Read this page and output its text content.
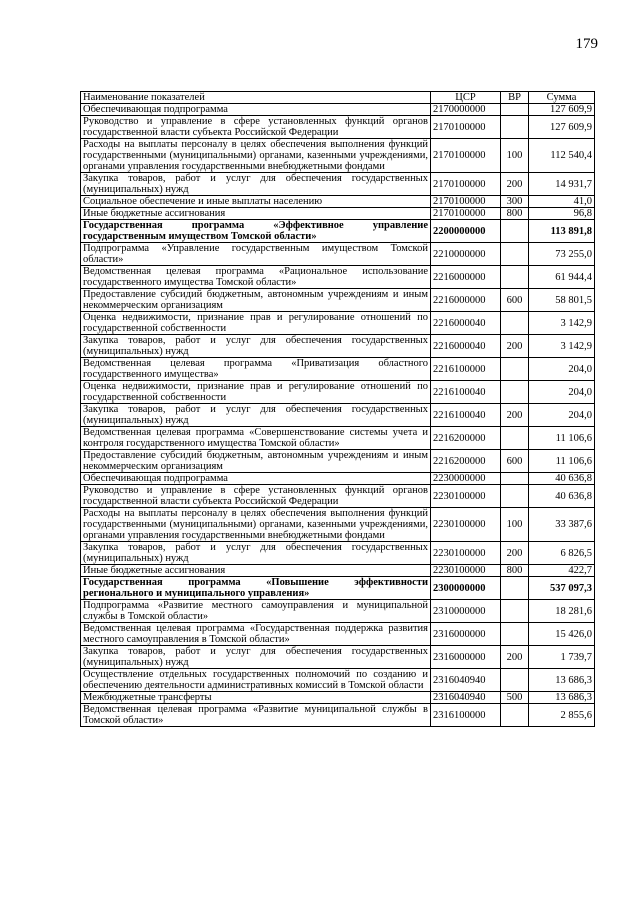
179
Наименование показателей	ЦСР	ВР	Сумма
Обеспечивающая подпрограмма	2170000000		127 609,9
Руководство и управление в сфере установленных функций органов государственной власти субъекта Российской Федерации	2170100000		127 609,9
Расходы на выплаты персоналу в целях обеспечения выполнения функций государственными (муниципальными) органами, казенными учреждениями, органами управления государственными внебюджетными фондами	2170100000	100	112 540,4
Закупка товаров, работ и услуг для обеспечения государственных (муниципальных) нужд	2170100000	200	14 931,7
Социальное обеспечение и иные выплаты населению	2170100000	300	41,0
Иные бюджетные ассигнования	2170100000	800	96,8
Государственная программа «Эффективное управление государственным имуществом Томской области»	2200000000		113 891,8
Подпрограмма «Управление государственным имуществом Томской области»	2210000000		73 255,0
Ведомственная целевая программа «Рациональное использование государственного имущества Томской области»	2216000000		61 944,4
Предоставление субсидий бюджетным, автономным учреждениям и иным некоммерческим организациям	2216000000	600	58 801,5
Оценка недвижимости, признание прав и регулирование отношений по государственной собственности	2216000040		3 142,9
Закупка товаров, работ и услуг для обеспечения государственных (муниципальных) нужд	2216000040	200	3 142,9
Ведомственная целевая программа «Приватизация областного государственного имущества»	2216100000		204,0
Оценка недвижимости, признание прав и регулирование отношений по государственной собственности	2216100040		204,0
Закупка товаров, работ и услуг для обеспечения государственных (муниципальных) нужд	2216100040	200	204,0
Ведомственная целевая программа «Совершенствование системы учета и контроля государственного имущества Томской области»	2216200000		11 106,6
Предоставление субсидий бюджетным, автономным учреждениям и иным некоммерческим организациям	2216200000	600	11 106,6
Обеспечивающая подпрограмма	2230000000		40 636,8
Руководство и управление в сфере установленных функций органов государственной власти субъекта Российской Федерации	2230100000		40 636,8
Расходы на выплаты персоналу в целях обеспечения выполнения функций государственными (муниципальными) органами, казенными учреждениями, органами управления государственными внебюджетными фондами	2230100000	100	33 387,6
Закупка товаров, работ и услуг для обеспечения государственных (муниципальных) нужд	2230100000	200	6 826,5
Иные бюджетные ассигнования	2230100000	800	422,7
Государственная программа «Повышение эффективности регионального и муниципального управления»	2300000000		537 097,3
Подпрограмма «Развитие местного самоуправления и муниципальной службы в Томской области»	2310000000		18 281,6
Ведомственная целевая программа «Государственная поддержка развития местного самоуправления в Томской области»	2316000000		15 426,0
Закупка товаров, работ и услуг для обеспечения государственных (муниципальных) нужд	2316000000	200	1 739,7
Осуществление отдельных государственных полномочий по созданию и обеспечению деятельности административных комиссий в Томской области	2316040940		13 686,3
Межбюджетные трансферты	2316040940	500	13 686,3
Ведомственная целевая программа «Развитие муниципальной службы в Томской области»	2316100000		2 855,6
